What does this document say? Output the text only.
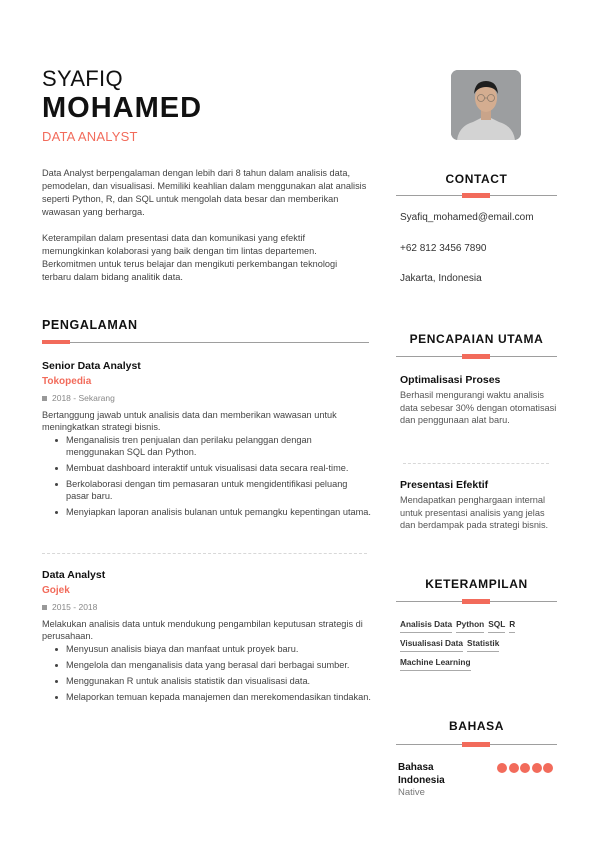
SYAFIQ
MOHAMED
DATA ANALYST

Data Analyst berpengalaman dengan lebih dari 8 tahun dalam analisis data, pemodelan, dan visualisasi. Memiliki keahlian dalam menggunakan alat analisis seperti Python, R, dan SQL untuk mengolah data besar dan memberikan wawasan yang berharga.

Keterampilan dalam presentasi data dan komunikasi yang efektif memungkinkan kolaborasi yang baik dengan tim lintas departemen. Berkomitmen untuk terus belajar dan mengikuti perkembangan teknologi terbaru dalam bidang analitik data.

CONTACT
Syafiq_mohamed@email.com
+62 812 3456 7890
Jakarta, Indonesia
PENGALAMAN
Senior Data Analyst
Tokopedia
2018 - Sekarang
Bertanggung jawab untuk analisis data dan memberikan wawasan untuk meningkatkan strategi bisnis.
Menganalisis tren penjualan dan perilaku pelanggan dengan menggunakan SQL dan Python.
Membuat dashboard interaktif untuk visualisasi data secara real-time.
Berkolaborasi dengan tim pemasaran untuk mengidentifikasi peluang pasar baru.
Menyiapkan laporan analisis bulanan untuk pemangku kepentingan utama.
Data Analyst
Gojek
2015 - 2018
Melakukan analisis data untuk mendukung pengambilan keputusan strategis di perusahaan.
Menyusun analisis biaya dan manfaat untuk proyek baru.
Mengelola dan menganalisis data yang berasal dari berbagai sumber.
Menggunakan R untuk analisis statistik dan visualisasi data.
Melaporkan temuan kepada manajemen dan merekomendasikan tindakan.
PENCAPAIAN UTAMA
Optimalisasi Proses
Berhasil mengurangi waktu analisis data sebesar 30% dengan otomatisasi dan penggunaan alat baru.
Presentasi Efektif
Mendapatkan penghargaan internal untuk presentasi analisis yang jelas dan berdampak pada strategi bisnis.
KETERAMPILAN
Analisis Data Python SQL R
Visualisasi Data Statistik
Machine Learning
BAHASA
Bahasa Indonesia
Native
